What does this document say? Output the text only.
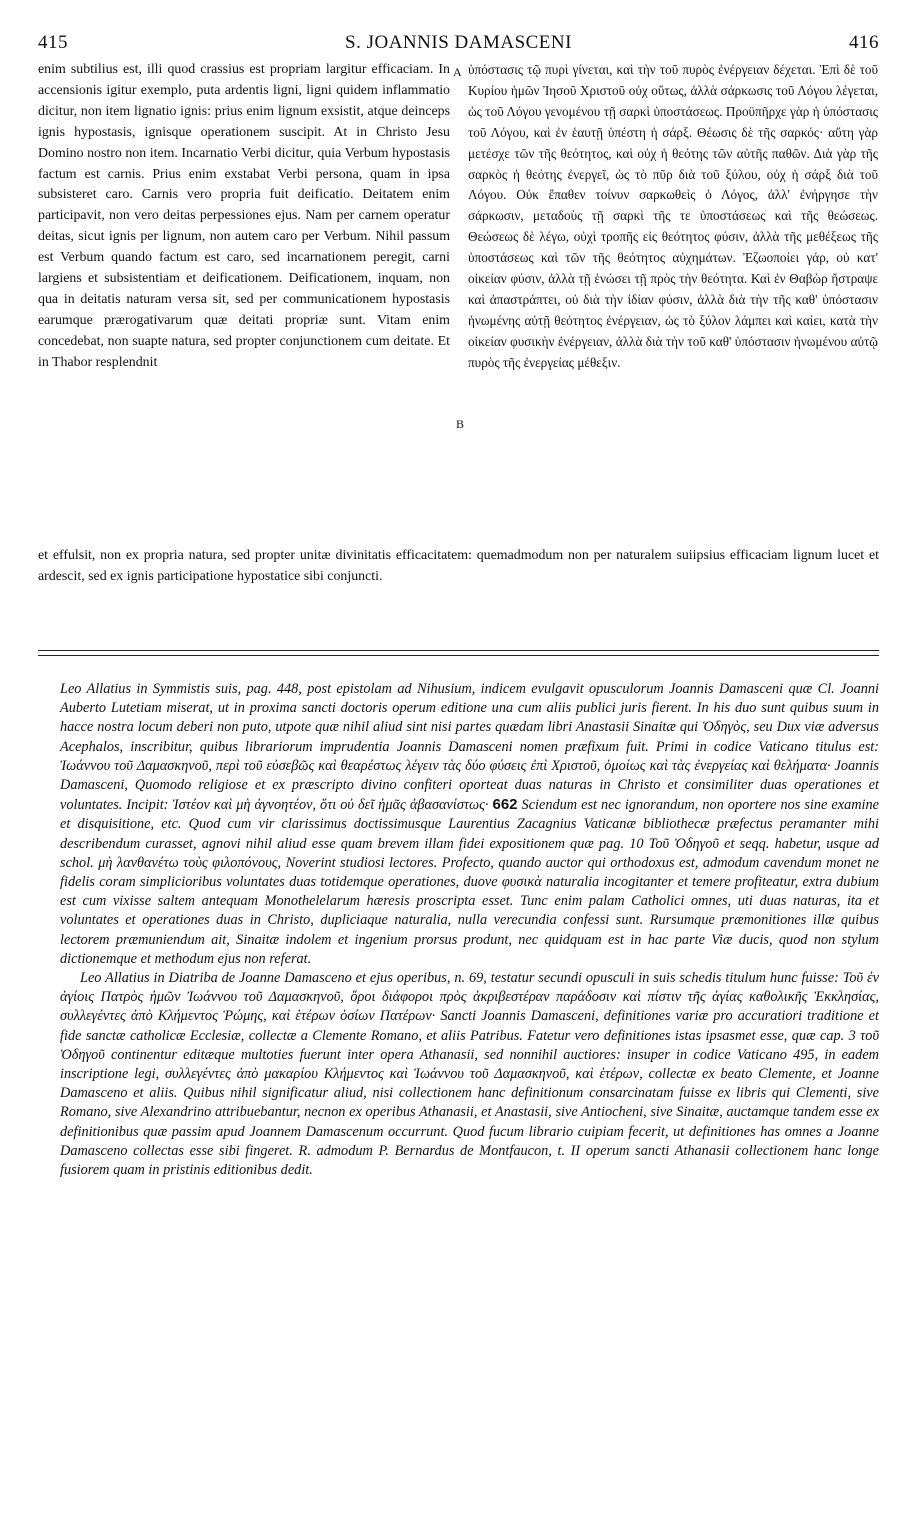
415	S. JOANNIS DAMASCENI	416
enim subtilius est, illi quod crassius est propriam largitur efficaciam. In accensionis igitur exemplo, puta ardentis ligni, ligni quidem inflammatio dicitur, non item lignatio ignis: prius enim lignum exsistit, atque deinceps ignis hypostasis, ignisque operationem suscipit. At in Christo Jesu Domino nostro non item. Incarnatio Verbi dicitur, quia Verbum hypostasis factum est carnis. Prius enim exstabat Verbi persona, quam in ipsa subsisteret caro. Carnis vero propria fuit deificatio. Deitatem enim participavit, non vero deitas perpessiones ejus. Nam per carnem operatur deitas, sicut ignis per lignum, non autem caro per Verbum. Nihil passum est Verbum quando factum est caro, sed incarnationem peregit, carni largiens et subsistentiam et deificationem. Deificationem, inquam, non qua in deitatis naturam versa sit, sed per communicationem hypostasis earumque prærogativarum quæ deitati propriæ sunt. Vitam enim concedebat, non suapte natura, sed propter conjunctionem cum deitate. Et in Thabor resplendnit
A
B
ὑπόστασις τῷ πυρὶ γίνεται, καὶ τὴν τοῦ πυρὸς ἐνέργειαν δέχεται. Ἐπὶ δὲ τοῦ Κυρίου ἡμῶν Ἰησοῦ Χριστοῦ οὐχ οὕτως, ἀλλὰ σάρκωσις τοῦ Λόγου λέγεται, ὡς τοῦ Λόγου γενομένου τῇ σαρκὶ ὑποστάσεως. Προϋπῆρχε γὰρ ἡ ὑπόστασις τοῦ Λόγου, καὶ ἐν ἑαυτῇ ὑπέστη ἡ σάρξ. Θέωσις δὲ τῆς σαρκός· αὕτη γὰρ μετέσχε τῶν τῆς θεότητος, καὶ οὐχ ἡ θεότης τῶν αὐτῆς παθῶν. Διὰ γὰρ τῆς σαρκὸς ἡ θεότης ἐνεργεῖ, ὡς τὸ πῦρ διὰ τοῦ ξύλου, οὐχ ἡ σάρξ διὰ τοῦ Λόγου. Οὐκ ἔπαθεν τοίνυν σαρκωθεὶς ὁ Λόγος, ἀλλ' ἐνήργησε τὴν σάρκωσιν, μεταδοὺς τῇ σαρκὶ τῆς τε ὑποστάσεως καὶ τῆς θεώσεως. Θεώσεως δὲ λέγω, οὐχὶ τροπῆς εἰς θεότητος φύσιν, ἀλλὰ τῆς μεθέξεως τῆς ὑποστάσεως καὶ τῶν τῆς θεότητος αὐχημάτων. Ἐζωοποίει γάρ, οὐ κατ' οἰκείαν φύσιν, ἀλλὰ τῇ ἑνώσει τῇ πρὸς τὴν θεότητα. Καὶ ἐν Θαβὼρ ἤστραψε καὶ ἀπαστράπτει, οὐ διὰ τὴν ἰδίαν φύσιν, ἀλλὰ διὰ τὴν τῆς καθ' ὑπόστασιν ἡνωμένης αὐτῇ θεότητος ἐνέργειαν, ὡς τὸ ξύλον λάμπει καὶ καίει, κατὰ τὴν οἰκείαν φυσικὴν ἐνέργειαν, ἀλλὰ διὰ τὴν τοῦ καθ' ὑπόστασιν ἡνωμένου αὐτῷ πυρὸς τῆς ἐνεργείας μέθεξιν.
et effulsit, non ex propria natura, sed propter unitæ divinitatis efficacitatem: quemadmodum non per naturalem suiipsius efficaciam lignum lucet et ardescit, sed ex ignis participatione hypostatice sibi conjuncti.

Leo Allatius in Symmistis suis, pag. 448, post epistolam ad Nihusium, indicem evulgavit opusculorum Joannis Damasceni quæ Cl. Joanni Auberto Lutetiam miserat, ut in proxima sancti doctoris operum editione una cum aliis publici juris fierent. In his duo sunt quibus suum in hacce nostra locum deberi non puto, utpote quæ nihil aliud sint nisi partes quædam libri Anastasii Sinaitæ qui Ὁδηγὸς, seu Dux viæ adversus Acephalos, inscribitur, quibus librariorum imprudentia Joannis Damasceni nomen præfixum fuit. Primi in codice Vaticano titulus est: Ἰωάννου τοῦ Δαμασκηνοῦ, περὶ τοῦ εὐσεβῶς καὶ θεαρέστως λέγειν τὰς δύο φύσεις ἐπὶ Χριστοῦ, ὁμοίως καὶ τὰς ἐνεργείας καὶ θελήματα· Joannis Damasceni, Quomodo religiose et ex præscripto divino confiteri oporteat duas naturas in Christo et consimiliter duas operationes et voluntates. Incipit: Ἰστέον καὶ μὴ ἀγνοητέον, ὅτι οὐ δεῖ ἡμᾶς ἀβασανίστως· 662 Sciendum est nec ignorandum, non oportere nos sine examine et disquisitione, etc. Quod cum vir clarissimus doctissimusque Laurentius Zacagnius Vaticanæ bibliothecæ præfectus peramanter mihi describendum curasset, agnovi nihil aliud esse quam brevem illam fidei expositionem quæ pag. 10 Τοῦ Ὁδηγοῦ et seqq. habetur, usque ad schol. μὴ λανθανέτω τοὺς φιλοπόνους, Noverint studiosi lectores. Profecto, quando auctor qui orthodoxus est, admodum cavendum monet ne fidelis coram simplicioribus voluntates duas totidemque operationes, duove φυσικὰ naturalia incogitanter et temere profiteatur, extra dubium est cum vixisse saltem antequam Monothelelarum hæresis proscripta esset. Tunc enim palam Catholici omnes, uti duas naturas, ita et voluntates et operationes duas in Christo, dupliciaque naturalia, nulla verecundia confessi sunt. Rursumque præmonitiones illæ quibus lectorem præmuniendum ait, Sinaitæ indolem et ingenium prorsus produnt, nec quidquam est in hac parte Viæ ducis, quod non stylum dictionemque et methodum ejus non referat.

Leo Allatius in Diatriba de Joanne Damasceno et ejus operibus, n. 69, testatur secundi opusculi in suis schedis titulum hunc fuisse: Τοῦ ἐν ἁγίοις Πατρὸς ἡμῶν Ἰωάννου τοῦ Δαμασκηνοῦ, ὅροι διάφοροι πρὸς ἀκριβεστέραν παράδοσιν καὶ πίστιν τῆς ἁγίας καθολικῆς Ἐκκλησίας, συλλεγέντες ἀπὸ Κλήμεντος Ῥώμης, καὶ ἑτέρων ὁσίων Πατέρων· Sancti Joannis Damasceni, definitiones variæ pro accuratiori traditione et fide sanctæ catholicæ Ecclesiæ, collectæ a Clemente Romano, et aliis Patribus. Fatetur vero definitiones istas ipsasmet esse, quæ cap. 3 τοῦ Ὁδηγοῦ continentur editæque multoties fuerunt inter opera Athanasii, sed nonnihil auctiores: insuper in codice Vaticano 495, in eadem inscriptione legi, συλλεγέντες ἀπὸ μακαρίου Κλήμεντος καὶ Ἰωάννου τοῦ Δαμασκηνοῦ, καὶ ἑτέρων, collectæ ex beato Clemente, et Joanne Damasceno et aliis. Quibus nihil significatur aliud, nisi collectionem hanc definitionum consarcinatam fuisse ex libris qui Clementi, sive Romano, sive Alexandrino attribuebantur, necnon ex operibus Athanasii, et Anastasii, sive Antiocheni, sive Sinaitæ, auctamque tandem esse ex definitionibus quæ passim apud Joannem Damascenum occurrunt. Quod fucum librario cuipiam fecerit, ut definitiones has omnes a Joanne Damasceno collectas esse sibi fingeret. R. admodum P. Bernardus de Montfaucon, t. II operum sancti Athanasii collectionem hanc longe fusiorem quam in pristinis editionibus dedit.
